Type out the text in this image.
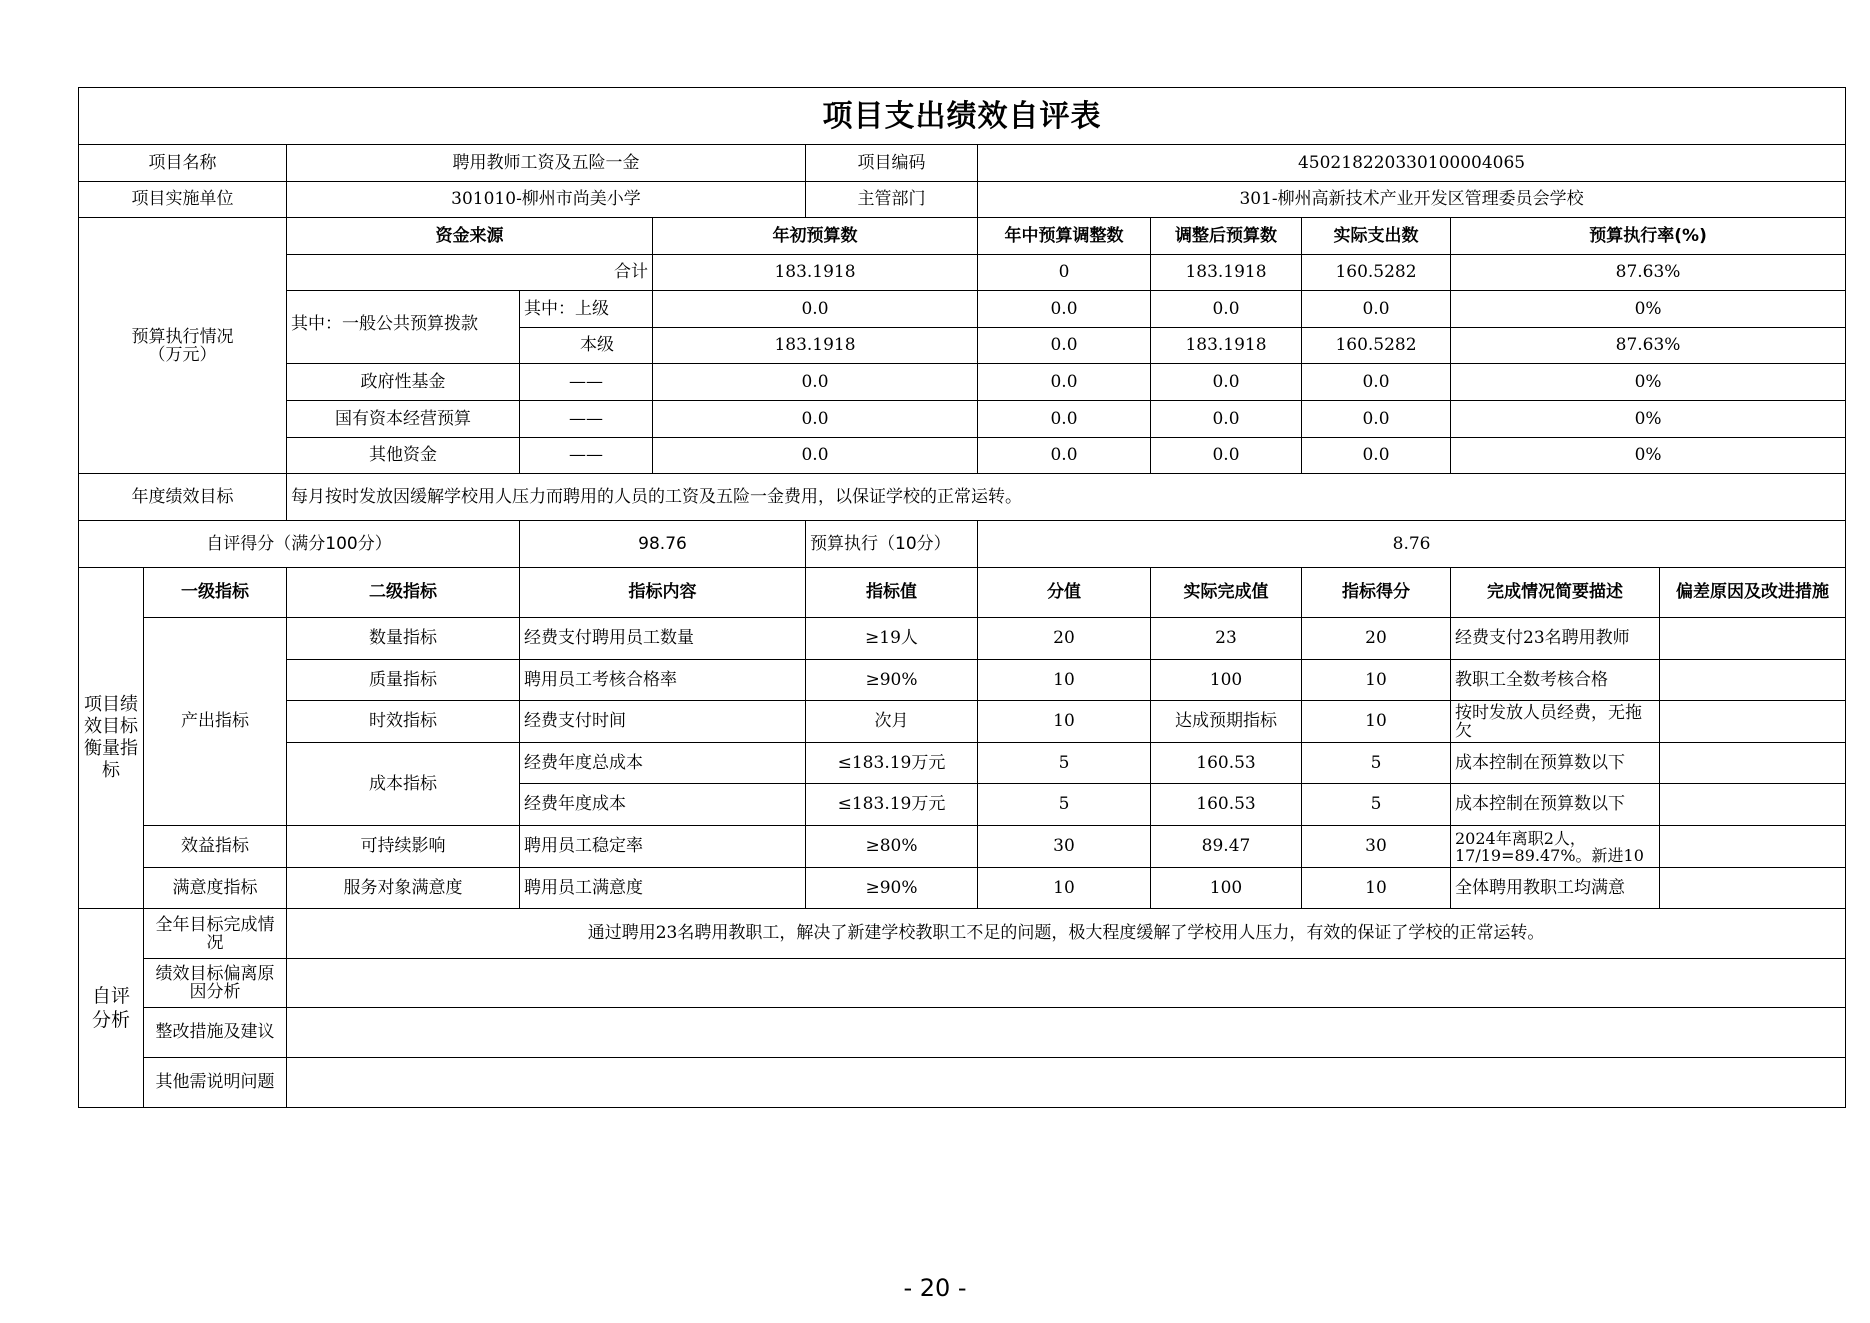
项目支出绩效自评表										
项目名称		聘用教师工资及五险一金			项目编码	450218220330100004065				
项目实施单位		301010-柳州市尚美小学			主管部门	301-柳州高新技术产业开发区管理委员会学校				
预算执行情况
（万元）		资金来源		年初预算数		年中预算调整数	调整后预算数	实际支出数	预算执行率(%)	
		合计		183.1918		0	183.1918	160.5282	87.63%	
		其中：一般公共预算拨款	其中：上级	0.0		0.0	0.0	0.0	0%	
			本级	183.1918		0.0	183.1918	160.5282	87.63%	
		政府性基金	——	0.0		0.0	0.0	0.0	0%	
		国有资本经营预算	——	0.0		0.0	0.0	0.0	0%	
		其他资金	——	0.0		0.0	0.0	0.0	0%	
年度绩效目标		每月按时发放因缓解学校用人压力而聘用的人员的工资及五险一金费用，以保证学校的正常运转。								
自评得分（满分100分）			98.76		预算执行（10分）	8.76				
项目绩效目标衡量指标	一级指标	二级指标	指标内容		指标值	分值	实际完成值	指标得分	完成情况简要描述	偏差原因及改进措施
	产出指标	数量指标	经费支付聘用员工数量		≥19人	20	23	20	经费支付23名聘用教师	
		质量指标	聘用员工考核合格率		≥90%	10	100	10	教职工全数考核合格	
		时效指标	经费支付时间		次月	10	达成预期指标	10	按时发放人员经费，无拖欠	
		成本指标	经费年度总成本		≤183.19万元	5	160.53	5	成本控制在预算数以下	
			经费年度成本		≤183.19万元	5	160.53	5	成本控制在预算数以下	
	效益指标	可持续影响	聘用员工稳定率		≥80%	30	89.47	30	2024年离职2人，17/19=89.47%。新进10	
	满意度指标	服务对象满意度	聘用员工满意度		≥90%	10	100	10	全体聘用教职工均满意	
自评分析	全年目标完成情况	通过聘用23名聘用教职工，解决了新建学校教职工不足的问题，极大程度缓解了学校用人压力，有效的保证了学校的正常运转。								
	绩效目标偏离原因分析									
	整改措施及建议									
	其他需说明问题									
- 20 -
